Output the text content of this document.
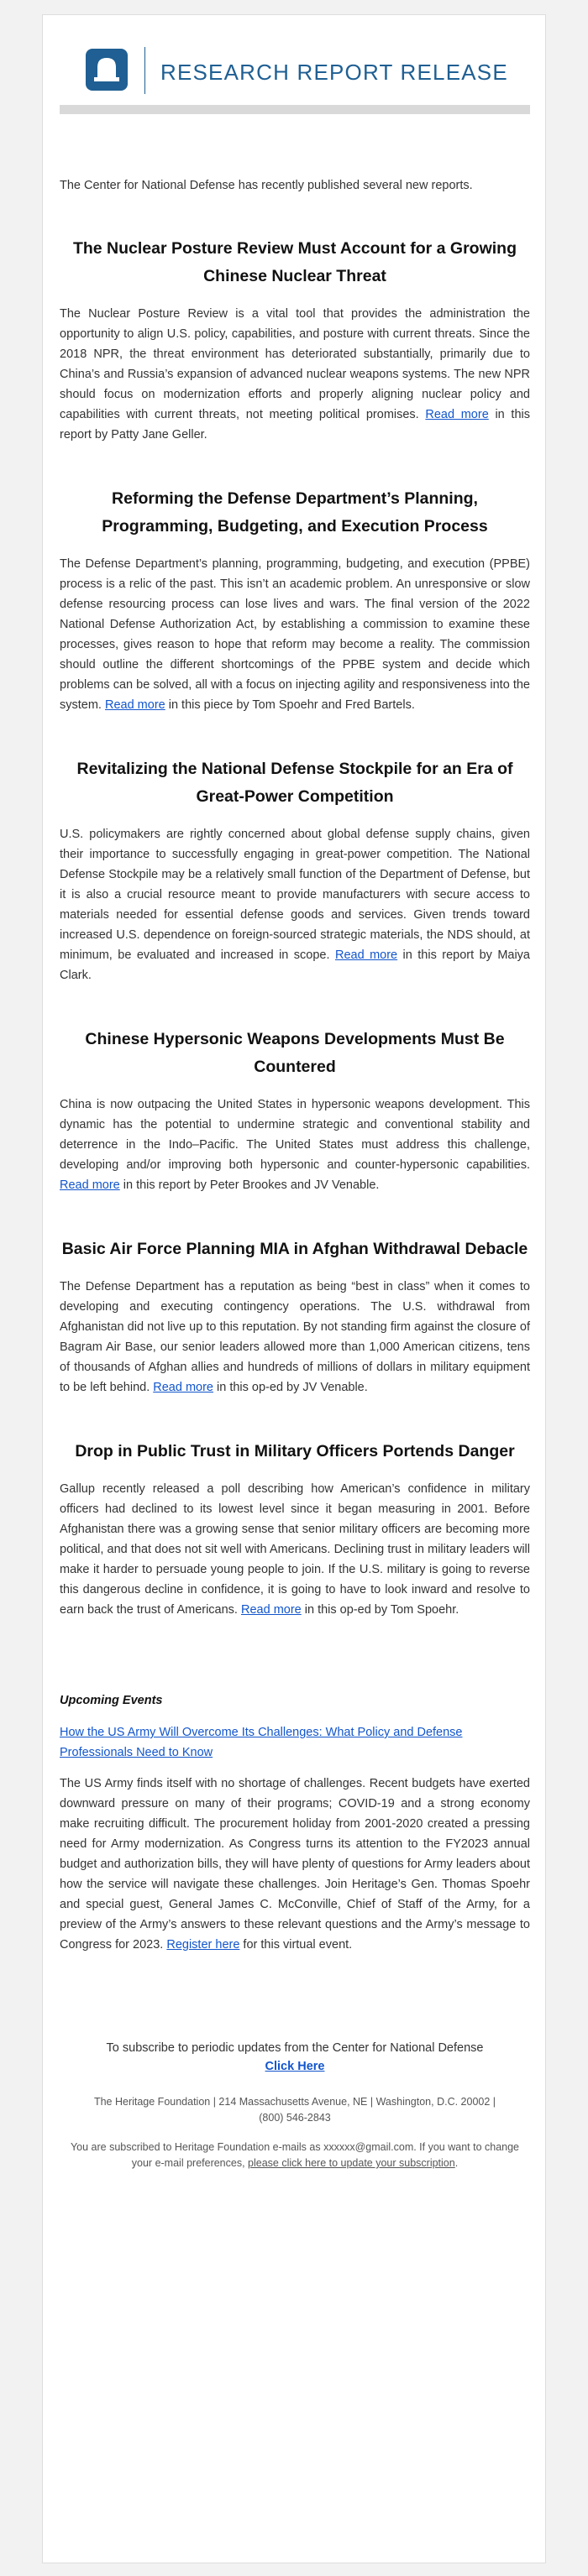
RESEARCH REPORT RELEASE

The Center for National Defense has recently published several new reports.

The Nuclear Posture Review Must Account for a Growing Chinese Nuclear Threat

The Nuclear Posture Review is a vital tool that provides the administration the opportunity to align U.S. policy, capabilities, and posture with current threats. Since the 2018 NPR, the threat environment has deteriorated substantially, primarily due to China’s and Russia’s expansion of advanced nuclear weapons systems. The new NPR should focus on modernization efforts and properly aligning nuclear policy and capabilities with current threats, not meeting political promises. Read more in this report by Patty Jane Geller.

Reforming the Defense Department’s Planning, Programming, Budgeting, and Execution Process

The Defense Department’s planning, programming, budgeting, and execution (PPBE) process is a relic of the past. This isn’t an academic problem. An unresponsive or slow defense resourcing process can lose lives and wars. The final version of the 2022 National Defense Authorization Act, by establishing a commission to examine these processes, gives reason to hope that reform may become a reality. The commission should outline the different shortcomings of the PPBE system and decide which problems can be solved, all with a focus on injecting agility and responsiveness into the system. Read more in this piece by Tom Spoehr and Fred Bartels.

Revitalizing the National Defense Stockpile for an Era of Great-Power Competition

U.S. policymakers are rightly concerned about global defense supply chains, given their importance to successfully engaging in great-power competition. The National Defense Stockpile may be a relatively small function of the Department of Defense, but it is also a crucial resource meant to provide manufacturers with secure access to materials needed for essential defense goods and services. Given trends toward increased U.S. dependence on foreign-sourced strategic materials, the NDS should, at minimum, be evaluated and increased in scope. Read more in this report by Maiya Clark.

Chinese Hypersonic Weapons Developments Must Be Countered

China is now outpacing the United States in hypersonic weapons development. This dynamic has the potential to undermine strategic and conventional stability and deterrence in the Indo–Pacific. The United States must address this challenge, developing and/or improving both hypersonic and counter-hypersonic capabilities. Read more in this report by Peter Brookes and JV Venable.

Basic Air Force Planning MIA in Afghan Withdrawal Debacle

The Defense Department has a reputation as being “best in class” when it comes to developing and executing contingency operations. The U.S. withdrawal from Afghanistan did not live up to this reputation. By not standing firm against the closure of Bagram Air Base, our senior leaders allowed more than 1,000 American citizens, tens of thousands of Afghan allies and hundreds of millions of dollars in military equipment to be left behind. Read more in this op-ed by JV Venable.

Drop in Public Trust in Military Officers Portends Danger

Gallup recently released a poll describing how American’s confidence in military officers had declined to its lowest level since it began measuring in 2001. Before Afghanistan there was a growing sense that senior military officers are becoming more political, and that does not sit well with Americans. Declining trust in military leaders will make it harder to persuade young people to join. If the U.S. military is going to reverse this dangerous decline in confidence, it is going to have to look inward and resolve to earn back the trust of Americans. Read more in this op-ed by Tom Spoehr.

Upcoming Events
How the US Army Will Overcome Its Challenges: What Policy and Defense Professionals Need to Know

The US Army finds itself with no shortage of challenges. Recent budgets have exerted downward pressure on many of their programs; COVID-19 and a strong economy make recruiting difficult. The procurement holiday from 2001-2020 created a pressing need for Army modernization. As Congress turns its attention to the FY2023 annual budget and authorization bills, they will have plenty of questions for Army leaders about how the service will navigate these challenges. Join Heritage’s Gen. Thomas Spoehr and special guest, General James C. McConville, Chief of Staff of the Army, for a preview of the Army’s answers to these relevant questions and the Army’s message to Congress for 2023. Register here for this virtual event.

To subscribe to periodic updates from the Center for National Defense
Click Here
The Heritage Foundation | 214 Massachusetts Avenue, NE | Washington, D.C. 20002 |
(800) 546-2843
You are subscribed to Heritage Foundation e-mails as xxxxxx@gmail.com. If you want to change your e-mail preferences, please click here to update your subscription.
